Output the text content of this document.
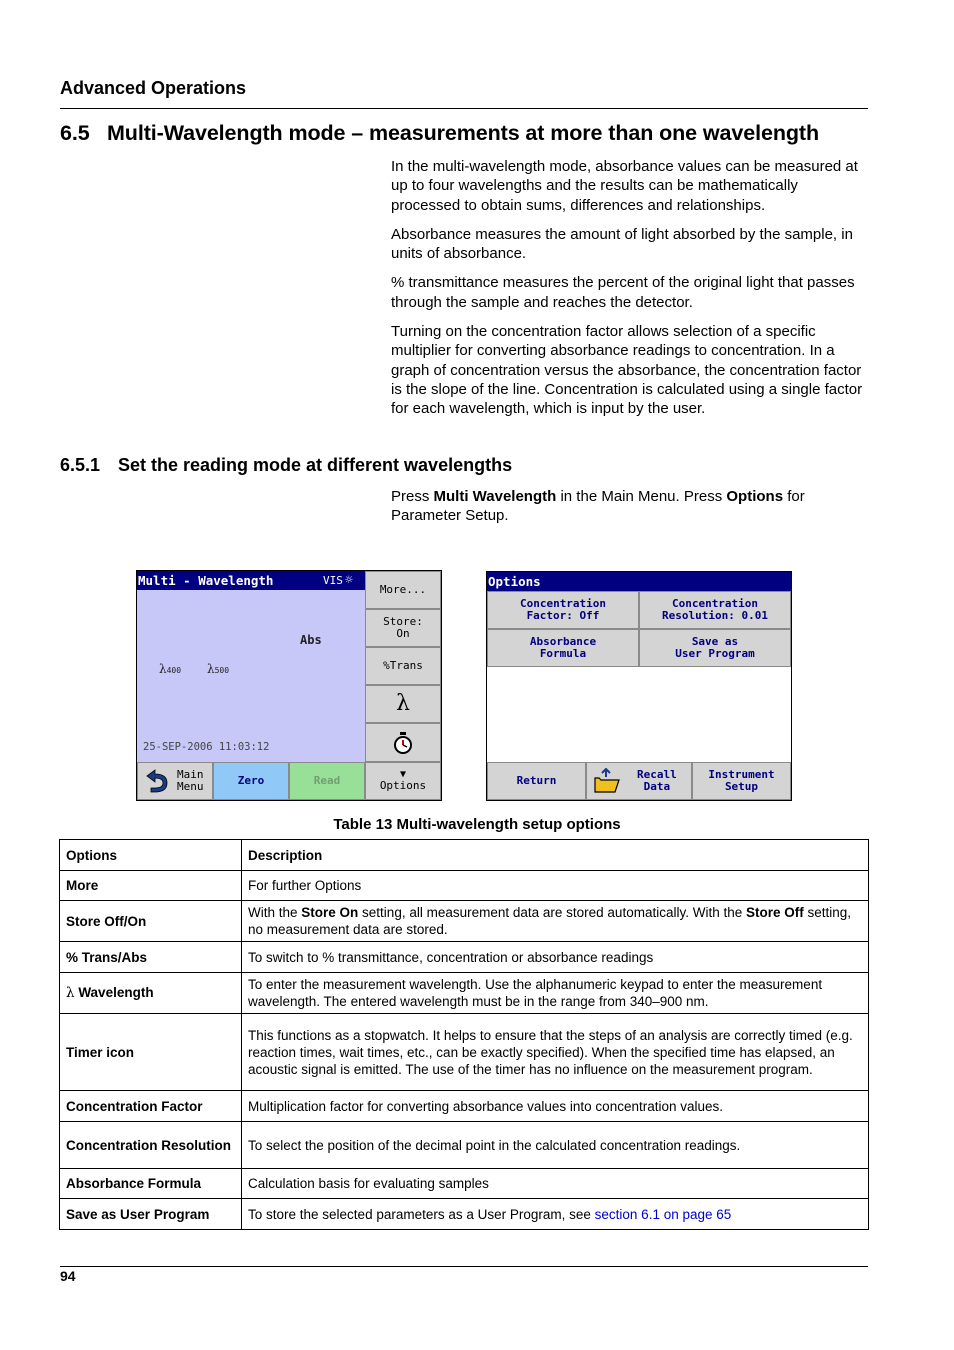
Advanced Operations
6.5 Multi-Wavelength mode – measurements at more than one wavelength

In the multi-wavelength mode, absorbance values can be measured at up to four wavelengths and the results can be mathematically processed to obtain sums, differences and relationships.

Absorbance measures the amount of light absorbed by the sample, in units of absorbance.

% transmittance measures the percent of the original light that passes through the sample and reaches the detector.

Turning on the concentration factor allows selection of a specific multiplier for converting absorbance readings to concentration. In a graph of concentration versus the absorbance, the concentration factor is the slope of the line. Concentration is calculated using a single factor for each wavelength, which is input by the user.

6.5.1 Set the reading mode at different wavelengths
Press Multi Wavelength in the Main Menu. Press Options for Parameter Setup.
Multi - Wavelength	VIS ☼
Abs
λ400 λ500
25-SEP-2006 11:03:12
More...
Store:
On
%Trans
λ
Main
Menu	Zero	Read	▼
Options
Options
Concentration
Factor: Off
Concentration
Resolution: 0.01
Absorbance
Formula
Save as
User Program
Return	Recall
Data
Instrument
Setup
Table 13 Multi-wavelength setup options
Options	Description
More	For further Options
Store Off/On	With the Store On setting, all measurement data are stored automatically. With the Store Off setting, no measurement data are stored.
% Trans/Abs	To switch to % transmittance, concentration or absorbance readings
λ Wavelength	To enter the measurement wavelength. Use the alphanumeric keypad to enter the measurement wavelength. The entered wavelength must be in the range from 340–900 nm.
Timer icon	This functions as a stopwatch. It helps to ensure that the steps of an analysis are correctly timed (e.g. reaction times, wait times, etc., can be exactly specified). When the specified time has elapsed, an acoustic signal is emitted. The use of the timer has no influence on the measurement program.
Concentration Factor	Multiplication factor for converting absorbance values into concentration values.
Concentration Resolution	To select the position of the decimal point in the calculated concentration readings.
Absorbance Formula	Calculation basis for evaluating samples
Save as User Program	To store the selected parameters as a User Program, see section 6.1 on page 65
94
